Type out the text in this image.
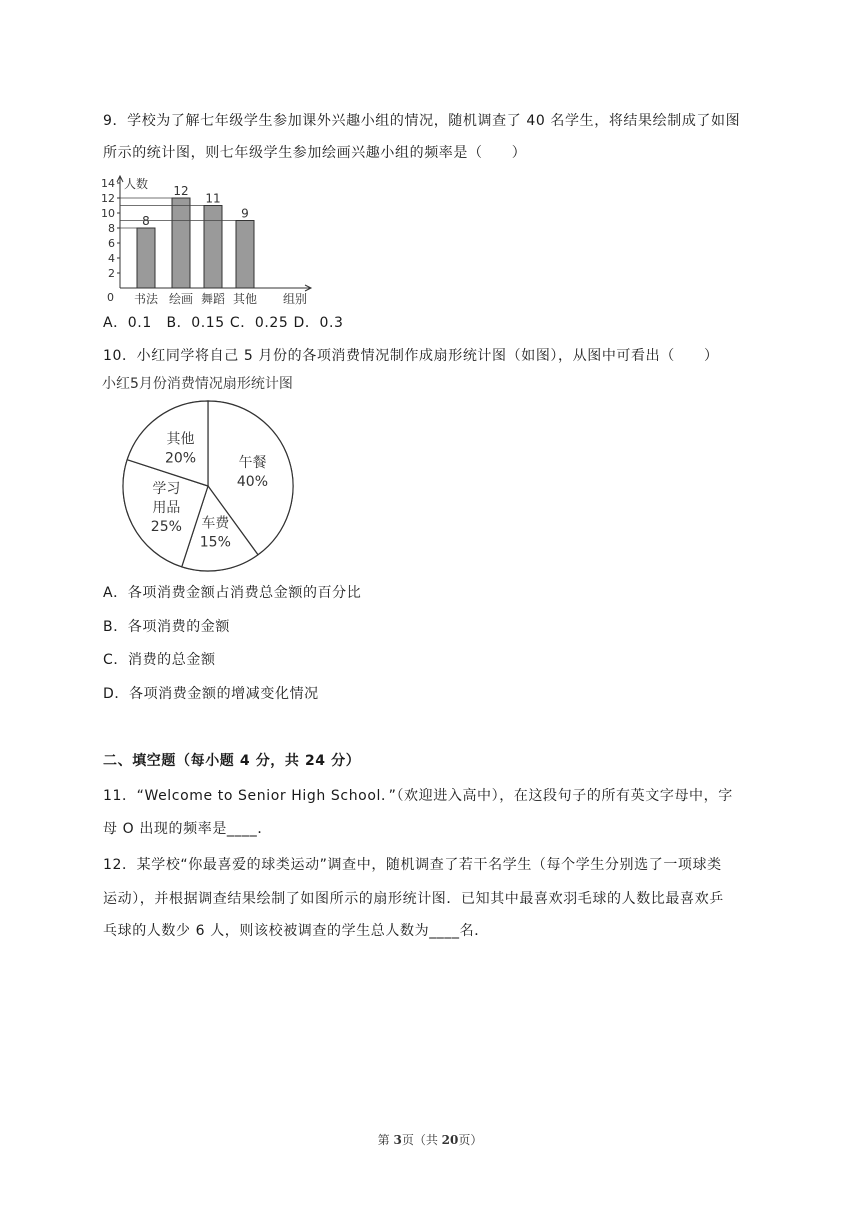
9．学校为了解七年级学生参加课外兴趣小组的情况，随机调查了 40 名学生，将结果绘制成了如图
所示的统计图，则七年级学生参加绘画兴趣小组的频率是（　　）
0
2
4
6
8
10
12
14
8
书法
12
绘画
11
舞蹈
9
其他
人数
组别
A．0.1　B．0.15 C．0.25 D．0.3
10．小红同学将自己 5 月份的各项消费情况制作成扇形统计图（如图），从图中可看出（　　）
小红5月份消费情况扇形统计图
午餐
40%
车费
15%
学习
用品
25%
其他
20%
A．各项消费金额占消费总金额的百分比
B．各项消费的金额
C．消费的总金额
D．各项消费金额的增减变化情况
二、填空题（每小题 4 分，共 24 分）
11．“Welcome to Senior High School．”（欢迎进入高中），在这段句子的所有英文字母中，字
母 O 出现的频率是____．
12．某学校“你最喜爱的球类运动”调查中，随机调查了若干名学生（每个学生分别选了一项球类
运动），并根据调查结果绘制了如图所示的扇形统计图．已知其中最喜欢羽毛球的人数比最喜欢乒
乓球的人数少 6 人，则该校被调查的学生总人数为____名．
第 3页（共 20页）
